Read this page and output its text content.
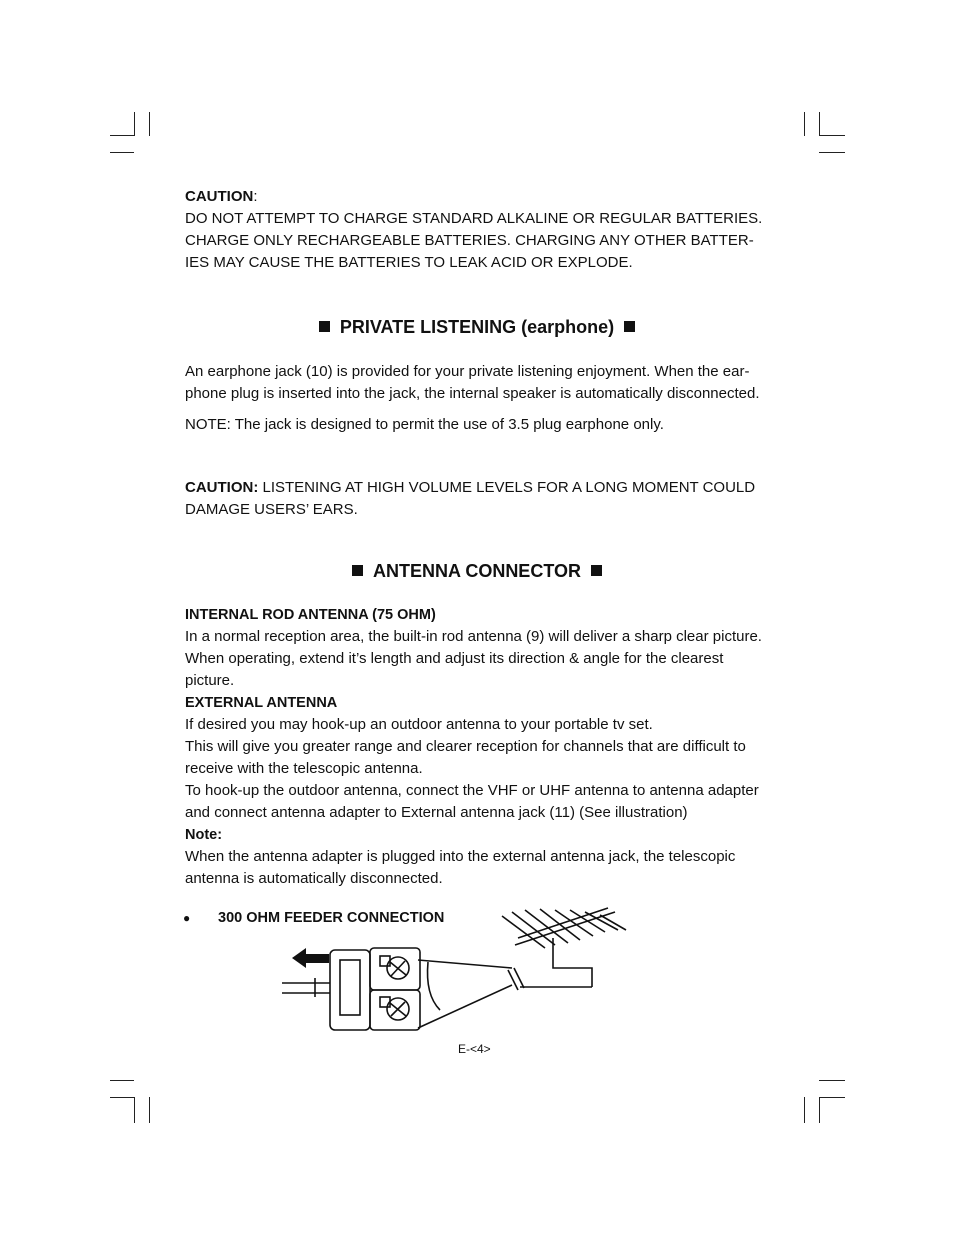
CAUTION:
DO NOT ATTEMPT TO CHARGE STANDARD ALKALINE OR REGULAR BATTERIES.
CHARGE ONLY RECHARGEABLE BATTERIES. CHARGING ANY OTHER BATTER-
IES MAY CAUSE THE BATTERIES TO LEAK ACID OR EXPLODE.
PRIVATE LISTENING (earphone)
An earphone jack (10) is provided for your private listening enjoyment. When the ear-
phone plug is inserted into the jack, the internal speaker is automatically disconnected.
NOTE: The jack is designed to permit the use of 3.5 plug earphone only.
CAUTION: LISTENING AT HIGH VOLUME LEVELS FOR A LONG MOMENT COULD
DAMAGE USERS’ EARS.
ANTENNA CONNECTOR
INTERNAL ROD ANTENNA (75 OHM)
In a normal reception area, the built-in rod antenna (9) will deliver a sharp clear picture.
When operating, extend it’s length and adjust its direction & angle for the clearest
picture.
EXTERNAL ANTENNA
If desired you may hook-up an outdoor antenna to your portable tv set.
This will give you greater range and clearer reception for channels that are difficult to
receive with the telescopic antenna.
To hook-up the outdoor antenna, connect the VHF or UHF antenna to antenna adapter
and connect antenna adapter to External antenna jack (11) (See illustration)
Note:
When the antenna adapter is plugged into the external antenna jack, the telescopic
antenna is automatically disconnected.
● 300 OHM FEEDER CONNECTION
E-<4>
